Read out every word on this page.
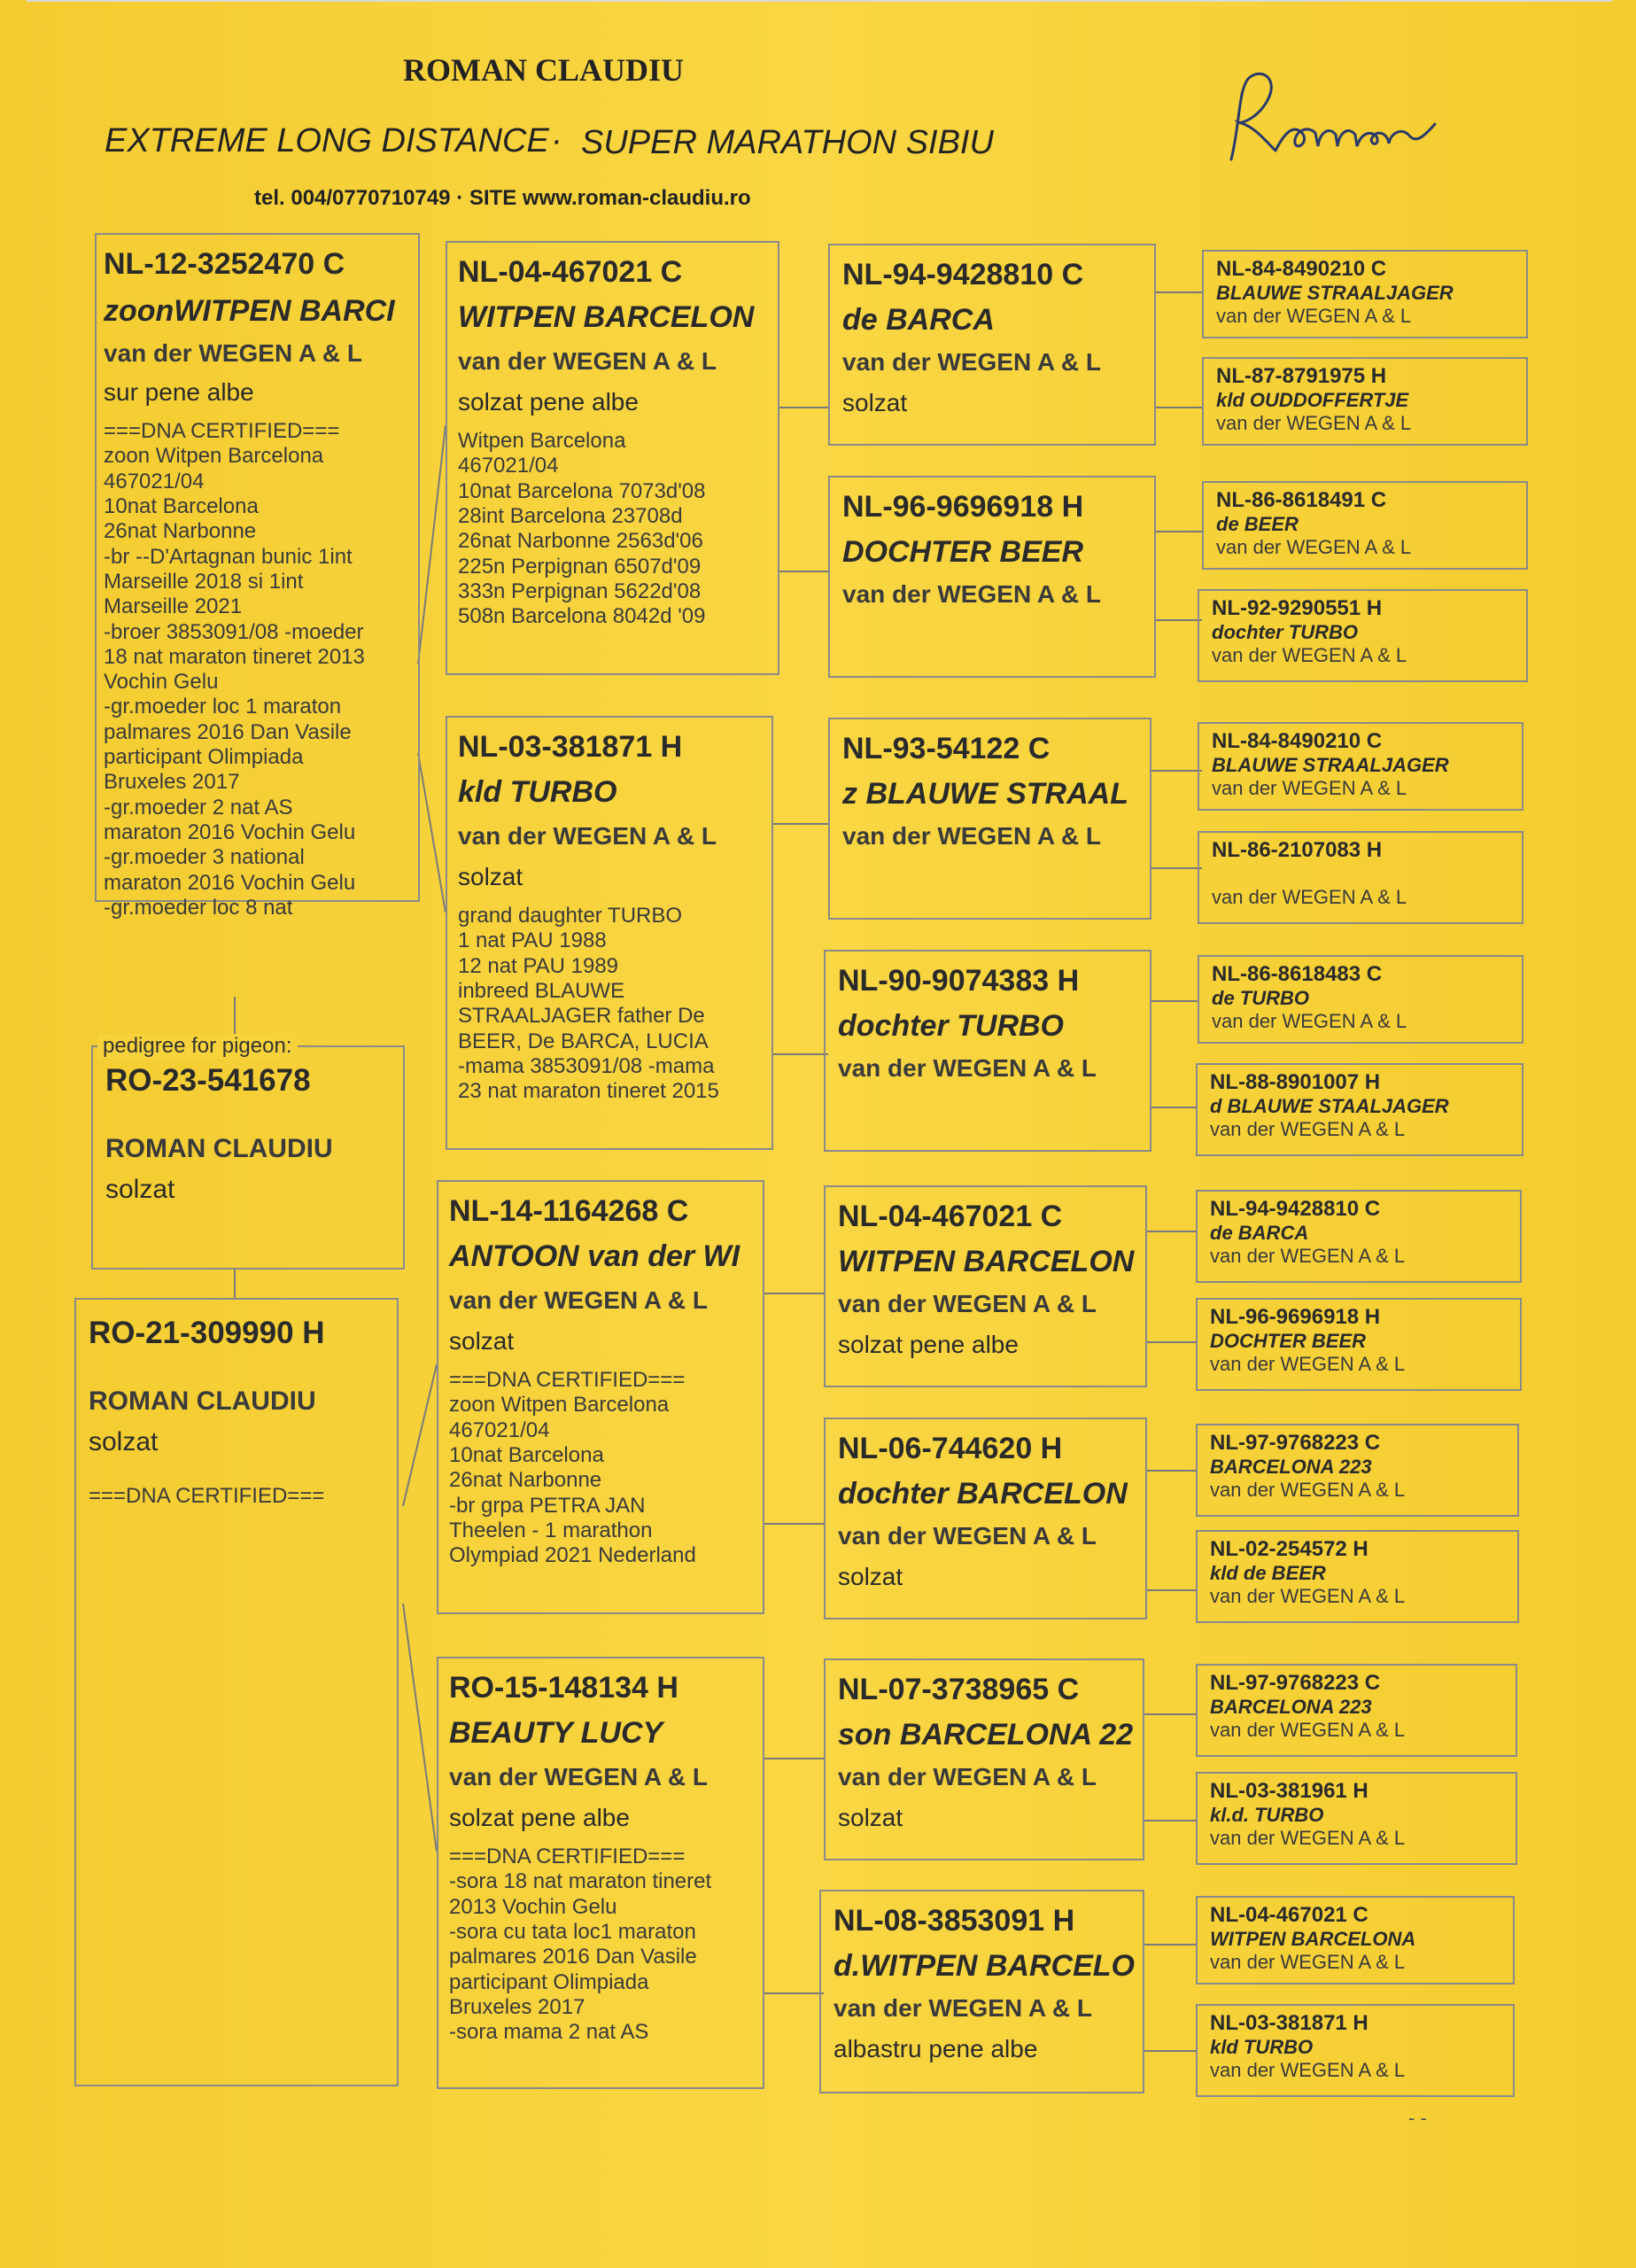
ROMAN CLAUDIU
EXTREME LONG DISTANCE · SUPER MARATHON SIBIU
tel. 004/0770710749 · SITE www.roman-claudiu.ro
NL-12-3252470 C
zoonWITPEN BARCI
van der WEGEN A & L
sur pene albe
===DNA CERTIFIED===
zoon Witpen Barcelona
467021/04
10nat Barcelona
26nat Narbonne
-br --D'Artagnan bunic 1int
Marseille 2018 si 1int
Marseille 2021
-broer 3853091/08 -moeder
18 nat maraton tineret 2013
Vochin Gelu
-gr.moeder loc 1 maraton
palmares 2016 Dan Vasile
participant Olimpiada
Bruxeles 2017
-gr.moeder 2 nat AS
maraton 2016 Vochin Gelu
-gr.moeder 3 national
maraton 2016 Vochin Gelu
-gr.moeder loc 8 nat
RO-23-541678
ROMAN CLAUDIU
solzat
pedigree for pigeon:
RO-21-309990 H
ROMAN CLAUDIU
solzat
===DNA CERTIFIED===
NL-04-467021 C
WITPEN BARCELON
van der WEGEN A & L
solzat pene albe
Witpen Barcelona
467021/04
10nat Barcelona 7073d'08
28int Barcelona 23708d
26nat Narbonne 2563d'06
225n Perpignan 6507d'09
333n Perpignan 5622d'08
508n Barcelona 8042d '09
NL-03-381871 H
kld TURBO
van der WEGEN A & L
solzat
grand daughter TURBO
1 nat PAU 1988
12 nat PAU 1989
inbreed BLAUWE
STRAALJAGER father De
BEER, De BARCA, LUCIA
-mama 3853091/08 -mama
23 nat maraton tineret 2015
NL-14-1164268 C
ANTOON van der WI
van der WEGEN A & L
solzat
===DNA CERTIFIED===
zoon Witpen Barcelona
467021/04
10nat Barcelona
26nat Narbonne
-br grpa PETRA JAN
Theelen - 1 marathon
Olympiad 2021 Nederland
RO-15-148134 H
BEAUTY LUCY
van der WEGEN A & L
solzat pene albe
===DNA CERTIFIED===
-sora 18 nat maraton tineret
2013 Vochin Gelu
-sora cu tata loc1 maraton
palmares 2016 Dan Vasile
participant Olimpiada
Bruxeles 2017
-sora mama 2 nat AS
NL-94-9428810 C
de BARCA
van der WEGEN A & L
solzat
NL-96-9696918 H
DOCHTER BEER
van der WEGEN A & L
NL-93-54122 C
z BLAUWE STRAAL
van der WEGEN A & L
NL-90-9074383 H
dochter TURBO
van der WEGEN A & L
NL-04-467021 C
WITPEN BARCELON
van der WEGEN A & L
solzat pene albe
NL-06-744620 H
dochter BARCELON
van der WEGEN A & L
solzat
NL-07-3738965 C
son BARCELONA 22
van der WEGEN A & L
solzat
NL-08-3853091 H
d.WITPEN BARCELO
van der WEGEN A & L
albastru pene albe
NL-84-8490210 C
BLAUWE STRAALJAGER
van der WEGEN A & L
NL-87-8791975 H
kld OUDDOFFERTJE
van der WEGEN A & L
NL-86-8618491 C
de BEER
van der WEGEN A & L
NL-92-9290551 H
dochter TURBO
van der WEGEN A & L
NL-84-8490210 C
BLAUWE STRAALJAGER
van der WEGEN A & L
NL-86-2107083 H
van der WEGEN A & L
NL-86-8618483 C
de TURBO
van der WEGEN A & L
NL-88-8901007 H
d BLAUWE STAALJAGER
van der WEGEN A & L
NL-94-9428810 C
de BARCA
van der WEGEN A & L
NL-96-9696918 H
DOCHTER BEER
van der WEGEN A & L
NL-97-9768223 C
BARCELONA 223
van der WEGEN A & L
NL-02-254572 H
kld de BEER
van der WEGEN A & L
NL-97-9768223 C
BARCELONA 223
van der WEGEN A & L
NL-03-381961 H
kl.d. TURBO
van der WEGEN A & L
NL-04-467021 C
WITPEN BARCELONA
van der WEGEN A & L
NL-03-381871 H
kld TURBO
van der WEGEN A & L
- -
